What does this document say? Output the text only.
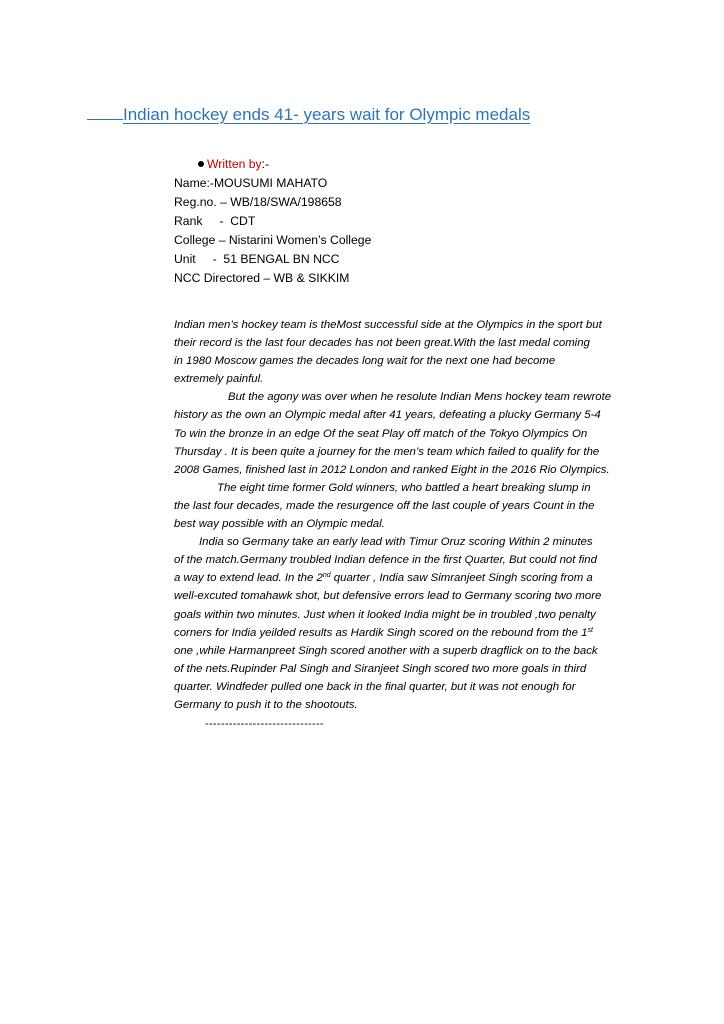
Indian hockey ends 41- years wait for Olympic medals
Written by:-
Name:-MOUSUMI MAHATO
Reg.no. – WB/18/SWA/198658
Rank     -  CDT
College – Nistarini Women’s College
Unit     -  51 BENGAL BN NCC
NCC Directored – WB & SIKKIM
Indian men’s hockey team is theMost successful side at the Olympics in the sport but
their record is the last four decades has not been great.With the last medal coming
in 1980 Moscow games the decades long wait for the next one had become
extremely painful.
But the agony was over when he resolute Indian Mens hockey team rewrote
history as the own an Olympic medal after 41 years, defeating a plucky Germany 5-4
To win the bronze in an edge Of the seat Play off match of the Tokyo Olympics On
Thursday . It is been quite a journey for the men’s team which failed to qualify for the
2008 Games, finished last in 2012 London and ranked Eight in the 2016 Rio Olympics.
The eight time former Gold winners, who battled a heart breaking slump in
the last four decades, made the resurgence off the last couple of years Count in the
best way possible with an Olympic medal.
India so Germany take an early lead with Timur Oruz scoring Within 2 minutes
of the match.Germany troubled Indian defence in the first Quarter, But could not find
a way to extend lead. In the 2nd quarter , India saw Simranjeet Singh scoring from a
well-excuted tomahawk shot, but defensive errors lead to Germany scoring two more
goals within two minutes. Just when it looked India might be in troubled ,two penalty
corners for India yeilded results as Hardik Singh scored on the rebound from the 1st
one ,while Harmanpreet Singh scored another with a superb dragflick on to the back
of the nets.Rupinder Pal Singh and Siranjeet Singh scored two more goals in third
quarter. Windfeder pulled one back in the final quarter, but it was not enough for
Germany to push it to the shootouts.
------------------------------
